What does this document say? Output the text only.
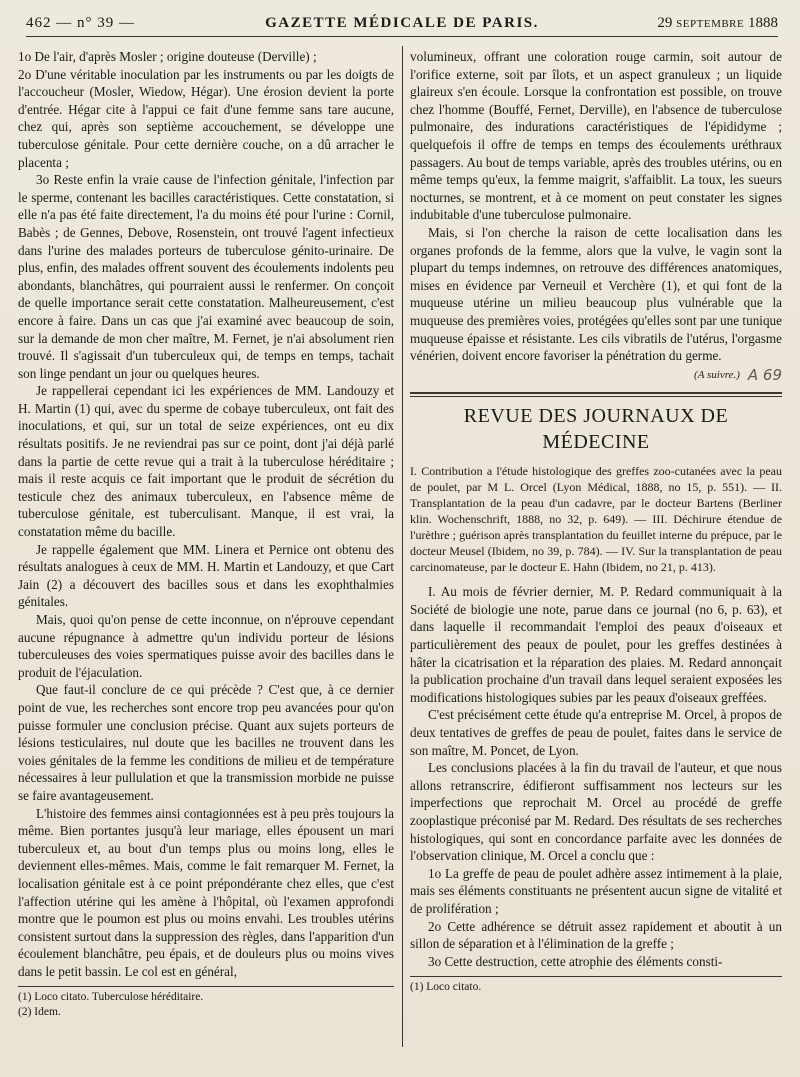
462 — n° 39 —	GAZETTE MÉDICALE DE PARIS.	29 SEPTEMBRE 1888

1o De l'air, d'après Mosler ; origine douteuse (Derville) ;

2o D'une véritable inoculation par les instruments ou par les doigts de l'accoucheur (Mosler, Wiedow, Hégar). Une érosion devient la porte d'entrée. Hégar cite à l'appui ce fait d'une femme sans tare aucune, chez qui, après son septième accouchement, se développe une tuberculose génitale. Pour cette dernière couche, on a dû arracher le placenta ;

3o Reste enfin la vraie cause de l'infection génitale, l'infection par le sperme, contenant les bacilles caractéristiques. Cette constatation, si elle n'a pas été faite directement, l'a du moins été pour l'urine : Cornil, Babès ; de Gennes, Debove, Rosenstein, ont trouvé l'agent infectieux dans l'urine des malades porteurs de tuberculose génito-urinaire. De plus, enfin, des malades offrent souvent des écoulements indolents peu abondants, blanchâtres, qui pourraient aussi le renfermer. On conçoit de quelle importance serait cette constatation. Malheureusement, c'est encore à faire. Dans un cas que j'ai examiné avec beaucoup de soin, sur la demande de mon cher maître, M. Fernet, je n'ai absolument rien trouvé. Il s'agissait d'un tuberculeux qui, de temps en temps, tachait son linge pendant un jour ou quelques heures.

Je rappellerai cependant ici les expériences de MM. Landouzy et H. Martin (1) qui, avec du sperme de cobaye tuberculeux, ont fait des inoculations, et qui, sur un total de seize expériences, ont eu dix résultats positifs. Je ne reviendrai pas sur ce point, dont j'ai déjà parlé dans la partie de cette revue qui a trait à la tuberculose héréditaire ; mais il reste acquis ce fait important que le produit de sécrétion du testicule chez des animaux tuberculeux, en l'absence même de tuberculose génitale, est tuberculisant. Manque, il est vrai, la constatation même du bacille.

Je rappelle également que MM. Linera et Pernice ont obtenu des résultats analogues à ceux de MM. H. Martin et Landouzy, et que Cart Jain (2) a découvert des bacilles sous et dans les exophthalmies génitales.

Mais, quoi qu'on pense de cette inconnue, on n'éprouve cependant aucune répugnance à admettre qu'un individu porteur de lésions tuberculeuses des voies spermatiques puisse avoir des bacilles dans le produit de l'éjaculation.

Que faut-il conclure de ce qui précède ? C'est que, à ce dernier point de vue, les recherches sont encore trop peu avancées pour qu'on puisse formuler une conclusion précise. Quant aux sujets porteurs de lésions testiculaires, nul doute que les bacilles ne trouvent dans les voies génitales de la femme les conditions de milieu et de température nécessaires à leur pullulation et que la transmission morbide ne puisse se faire avantageusement.

L'histoire des femmes ainsi contagionnées est à peu près toujours la même. Bien portantes jusqu'à leur mariage, elles épousent un mari tuberculeux et, au bout d'un temps plus ou moins long, elles le deviennent elles-mêmes. Mais, comme le fait remarquer M. Fernet, la localisation génitale est à ce point prépondérante chez elles, que c'est l'affection utérine qui les amène à l'hôpital, où l'examen approfondi montre que le poumon est plus ou moins envahi. Les troubles utérins consistent surtout dans la suppression des règles, dans l'apparition d'un écoulement blanchâtre, peu épais, et de douleurs plus ou moins vives dans le petit bassin. Le col est en général,

(1) Loco citato. Tuberculose héréditaire.

(2) Idem.

volumineux, offrant une coloration rouge carmin, soit autour de l'orifice externe, soit par îlots, et un aspect granuleux ; un liquide glaireux s'en écoule. Lorsque la confrontation est possible, on trouve chez l'homme (Bouffé, Fernet, Derville), en l'absence de tuberculose pulmonaire, des indurations caractéristiques de l'épididyme ; quelquefois il offre de temps en temps des écoulements uréthraux passagers. Au bout de temps variable, après des troubles utérins, ou en même temps qu'eux, la femme maigrit, s'affaiblit. La toux, les sueurs nocturnes, se montrent, et à ce moment on peut constater les signes indubitable d'une tuberculose pulmonaire.

Mais, si l'on cherche la raison de cette localisation dans les organes profonds de la femme, alors que la vulve, le vagin sont la plupart du temps indemnes, on retrouve des différences anatomiques, mises en évidence par Verneuil et Verchère (1), et qui font de la muqueuse utérine un milieu beaucoup plus vulnérable que la muqueuse des premières voies, protégées qu'elles sont par une tunique muqueuse épaisse et résistante. Les cils vibratils de l'utérus, l'orgasme vénérien, doivent encore favoriser la pénétration du germe.

(A suivre.) A 69
REVUE DES JOURNAUX DE MÉDECINE

I. Contribution a l'étude histologique des greffes zoo-cutanées avec la peau de poulet, par M L. Orcel (Lyon Médical, 1888, no 15, p. 551). — II. Transplantation de la peau d'un cadavre, par le docteur Bartens (Berliner klin. Wochenschrift, 1888, no 32, p. 649). — III. Déchirure étendue de l'urèthre ; guérison après transplantation du feuillet interne du prépuce, par le docteur Meusel (Ibidem, no 39, p. 784). — IV. Sur la transplantation de peau carcinomateuse, par le docteur E. Hahn (Ibidem, no 21, p. 413).

I. Au mois de février dernier, M. P. Redard communiquait à la Société de biologie une note, parue dans ce journal (no 6, p. 63), et dans laquelle il recommandait l'emploi des peaux d'oiseaux et particulièrement des peaux de poulet, pour les greffes destinées à hâter la cicatrisation et la réparation des plaies. M. Redard annonçait la publication prochaine d'un travail dans lequel seraient exposées les modifications histologiques subies par les peaux d'oiseaux greffées.

C'est précisément cette étude qu'a entreprise M. Orcel, à propos de deux tentatives de greffes de peau de poulet, faites dans le service de son maître, M. Poncet, de Lyon.

Les conclusions placées à la fin du travail de l'auteur, et que nous allons retranscrire, édifieront suffisamment nos lecteurs sur les imperfections que reprochait M. Orcel au procédé de greffe zooplastique préconisé par M. Redard. Des résultats de ses recherches histologiques, qui sont en concordance parfaite avec les données de l'observation clinique, M. Orcel a conclu que :

1o La greffe de peau de poulet adhère assez intimement à la plaie, mais ses éléments constituants ne présentent aucun signe de vitalité et de prolifération ;

2o Cette adhérence se détruit assez rapidement et aboutit à un sillon de séparation et à l'élimination de la greffe ;

3o Cette destruction, cette atrophie des éléments consti-

(1) Loco citato.
